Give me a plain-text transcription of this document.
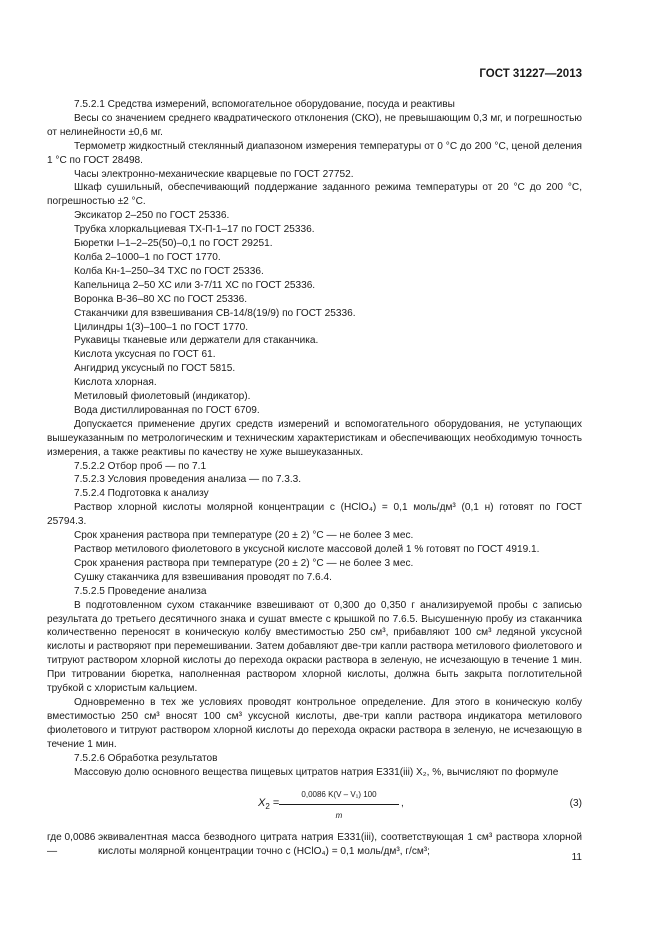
ГОСТ 31227—2013

7.5.2.1 Средства измерений, вспомогательное оборудование, посуда и реактивы

Весы со значением среднего квадратического отклонения (СКО), не превышающим 0,3 мг, и погрешностью от нелинейности ±0,6 мг.

Термометр жидкостный стеклянный диапазоном измерения температуры от 0 °С до 200 °С, ценой деления 1 °С по ГОСТ 28498.

Часы электронно-механические кварцевые по ГОСТ 27752.

Шкаф сушильный, обеспечивающий поддержание заданного режима температуры от 20 °С до 200 °С, погрешностью ±2 °С.

Эксикатор 2–250 по ГОСТ 25336.

Трубка хлоркальциевая ТХ-П-1–17 по ГОСТ 25336.

Бюретки I–1–2–25(50)–0,1 по ГОСТ 29251.

Колба 2–1000–1 по ГОСТ 1770.

Колба Кн-1–250–34 ТХС по ГОСТ 25336.

Капельница 2–50 ХС или 3-7/11 ХС по ГОСТ 25336.

Воронка В-36–80 ХС по ГОСТ 25336.

Стаканчики для взвешивания СВ-14/8(19/9) по ГОСТ 25336.

Цилиндры 1(3)–100–1 по ГОСТ 1770.

Рукавицы тканевые или держатели для стаканчика.

Кислота уксусная по ГОСТ 61.

Ангидрид уксусный по ГОСТ 5815.

Кислота хлорная.

Метиловый фиолетовый (индикатор).

Вода дистиллированная по ГОСТ 6709.

Допускается применение других средств измерений и вспомогательного оборудования, не уступающих вышеуказанным по метрологическим и техническим характеристикам и обеспечивающих необходимую точность измерения, а также реактивы по качеству не хуже вышеуказанных.

7.5.2.2 Отбор проб — по 7.1

7.5.2.3 Условия проведения анализа — по 7.3.3.

7.5.2.4 Подготовка к анализу

Раствор хлорной кислоты молярной концентрации с (HClO₄) = 0,1 моль/дм³ (0,1 н) готовят по ГОСТ 25794.3.

Срок хранения раствора при температуре (20 ± 2) °С — не более 3 мес.

Раствор метилового фиолетового в уксусной кислоте массовой долей 1 % готовят по ГОСТ 4919.1.

Срок хранения раствора при температуре (20 ± 2) °С — не более 3 мес.

Сушку стаканчика для взвешивания проводят по 7.6.4.

7.5.2.5 Проведение анализа

В подготовленном сухом стаканчике взвешивают от 0,300 до 0,350 г анализируемой пробы с записью результата до третьего десятичного знака и сушат вместе с крышкой по 7.6.5. Высушенную пробу из стаканчика количественно переносят в коническую колбу вместимостью 250 см³, прибавляют 100 см³ ледяной уксусной кислоты и растворяют при перемешивании. Затем добавляют две-три капли раствора метилового фиолетового и титруют раствором хлорной кислоты до перехода окраски раствора в зеленую, не исчезающую в течение 1 мин. При титровании бюретка, наполненная раствором хлорной кислоты, должна быть закрыта поглотительной трубкой с хлористым кальцием.

Одновременно в тех же условиях проводят контрольное определение. Для этого в коническую колбу вместимостью 250 см³ вносят 100 см³ уксусной кислоты, две-три капли раствора индикатора метилового фиолетового и титруют раствором хлорной кислоты до перехода окраски раствора в зеленую, не исчезающую в течение 1 мин.

7.5.2.6 Обработка результатов

Массовую долю основного вещества пищевых цитратов натрия Е331(iii) X₂, %, вычисляют по формуле

$X_2 = \frac{\text{0,0086 K(V – V₁) 100}}{m}$ ,	(3)
где 0,0086 —
эквивалентная масса безводного цитрата натрия Е331(iii), соответствующая 1 см³ раствора хлорной кислоты молярной концентрации точно с (HClO₄) = 0,1 моль/дм³, г/см³;
11
